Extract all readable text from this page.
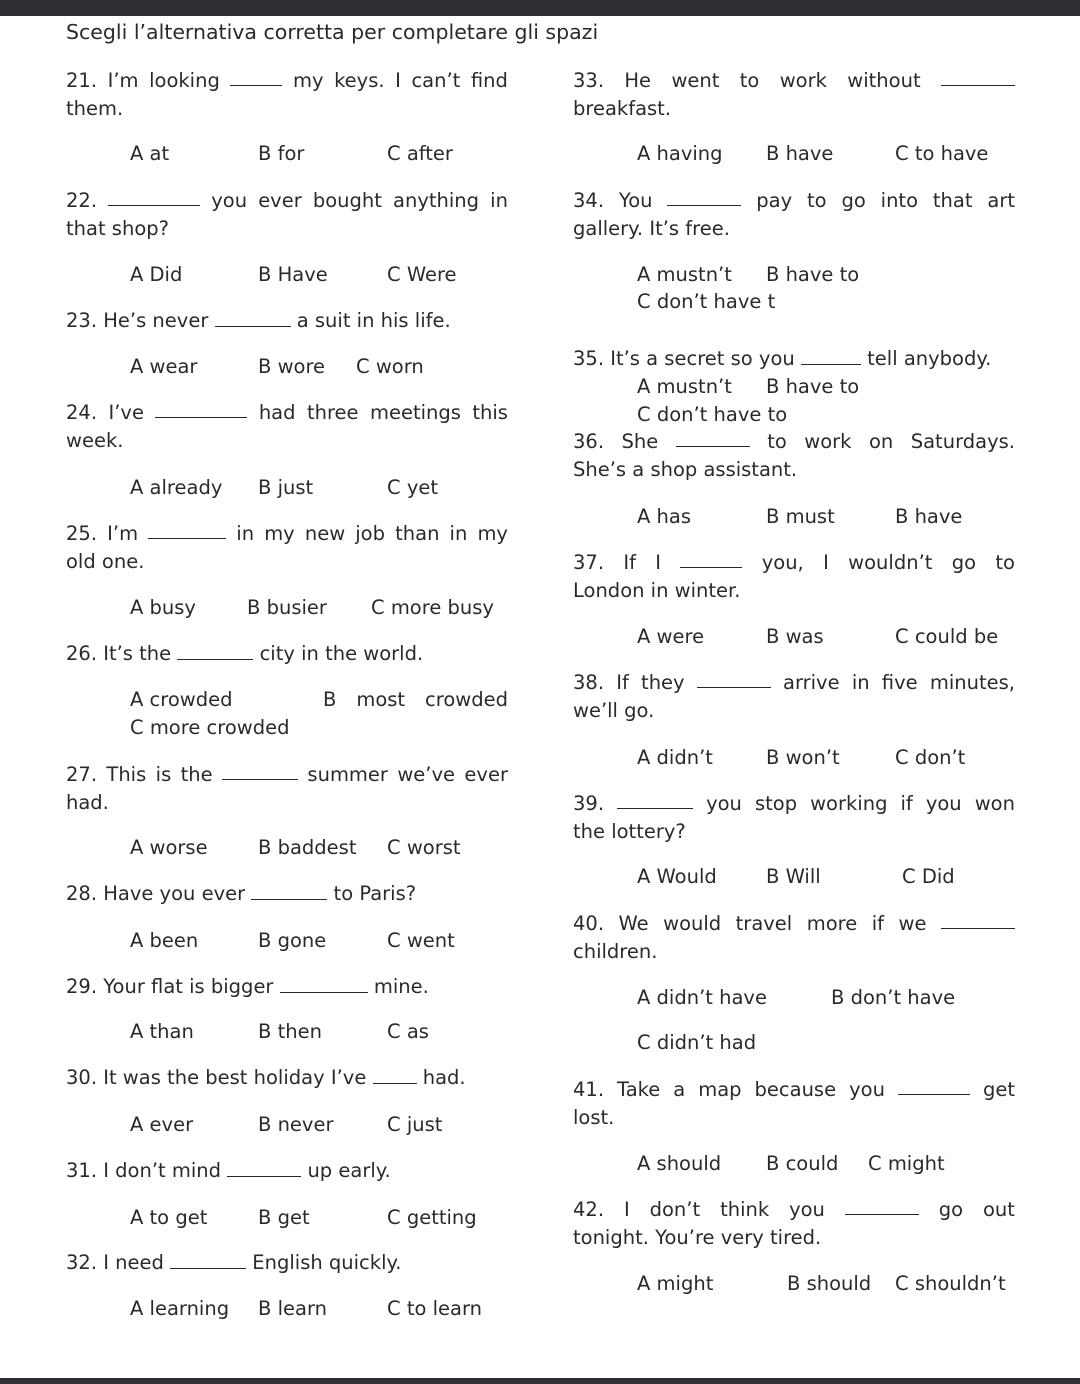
Scegli l’alternativa corretta per completare gli spazi
21. I’m looking	my keys. I can’t find
them.
A at	B for	C after
22.	you ever bought anything in
that shop?
A Did	B Have	C Were
23. He’s never	a suit in his life.
A wear	B wore C worn
24. I’ve	had three meetings this
week.
A already B just	C yet
25. I’m	in my new job than in my
old one.
A busy	B busier C more busy
26. It’s the	city in the world.
A crowded	B most crowded
C more crowded
27. This is the	summer we’ve ever
had.
A worse	B baddest C worst
28. Have you ever	to Paris?
A been	B gone	C went
29. Your flat is bigger	mine.
A than	B then	C as
30. It was the best holiday I’ve	had.
A ever	B never	C just
31. I don’t mind	up early.
A to get	B get	C getting
32. I need	English quickly.
A learning B learn	C to learn
33. He went to work without
breakfast.
A having B have	C to have
34. You	pay to go into that art
gallery. It’s free.
A mustn’t B have to
C don’t have t
35. It’s a secret so you	tell anybody.
A mustn’t B have to
C don’t have to
36. She	to work on Saturdays.
She’s a shop assistant.
A has	B must	B have
37. If I	you, I wouldn’t go to
London in winter.
A were	B was	C could be
38. If they	arrive in five minutes,
we’ll go.
A didn’t	B won’t	C don’t
39.	you stop working if you won
the lottery?
A Would	B Will	C Did
40. We would travel more if we
children.
A didn’t have	B don’t have
C didn’t had
41. Take a map because you	get
lost.
A should B could C might
42. I don’t think you	go out
tonight. You’re very tired.
A might	B should C shouldn’t
